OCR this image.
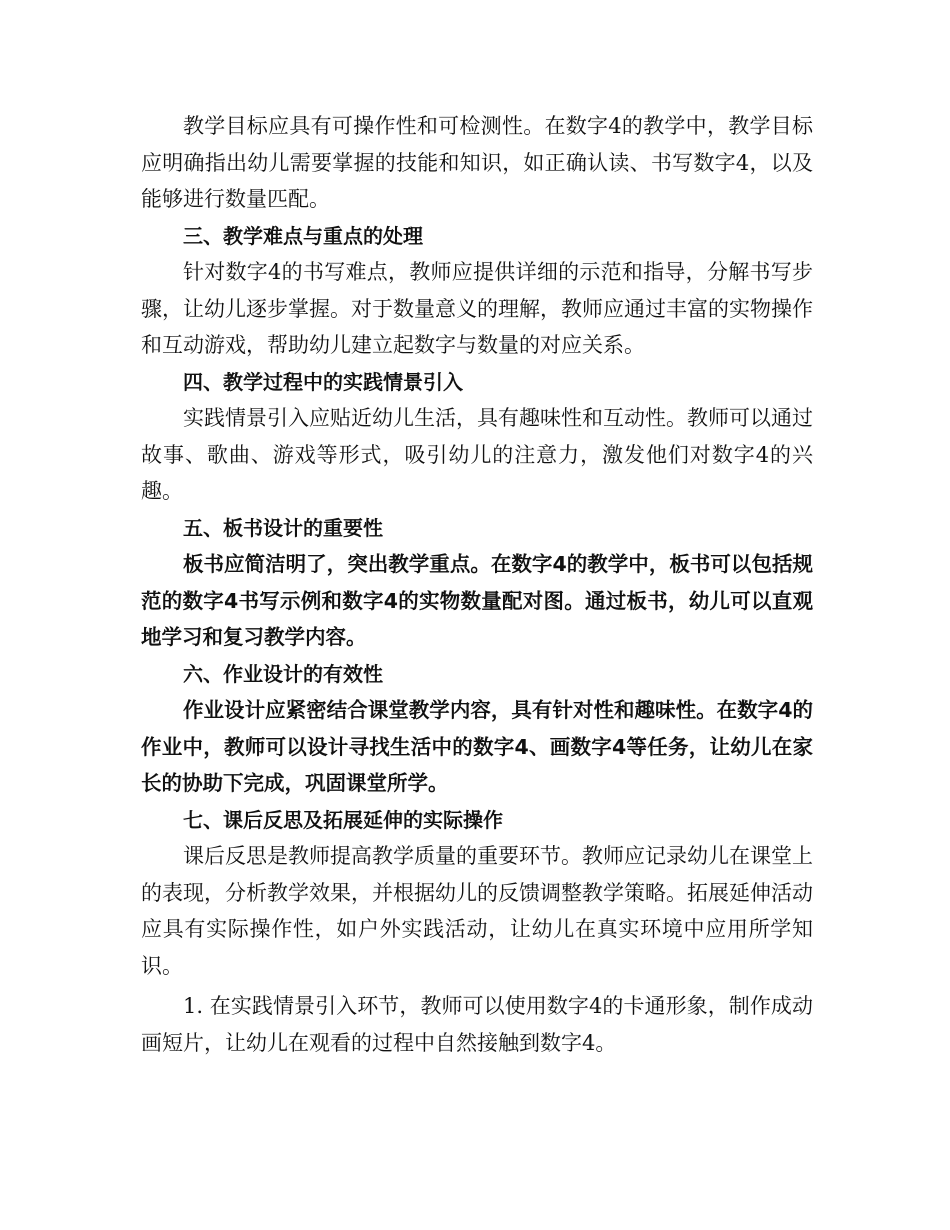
教学目标应具有可操作性和可检测性。在数字4的教学中，教学目标应明确指出幼儿需要掌握的技能和知识，如正确认读、书写数字4，以及能够进行数量匹配。

三、教学难点与重点的处理

针对数字4的书写难点，教师应提供详细的示范和指导，分解书写步骤，让幼儿逐步掌握。对于数量意义的理解，教师应通过丰富的实物操作和互动游戏，帮助幼儿建立起数字与数量的对应关系。

四、教学过程中的实践情景引入

实践情景引入应贴近幼儿生活，具有趣味性和互动性。教师可以通过故事、歌曲、游戏等形式，吸引幼儿的注意力，激发他们对数字4的兴趣。

五、板书设计的重要性

板书应简洁明了，突出教学重点。在数字4的教学中，板书可以包括规范的数字4书写示例和数字4的实物数量配对图。通过板书，幼儿可以直观地学习和复习教学内容。

六、作业设计的有效性

作业设计应紧密结合课堂教学内容，具有针对性和趣味性。在数字4的作业中，教师可以设计寻找生活中的数字4、画数字4等任务，让幼儿在家长的协助下完成，巩固课堂所学。

七、课后反思及拓展延伸的实际操作

课后反思是教师提高教学质量的重要环节。教师应记录幼儿在课堂上的表现，分析教学效果，并根据幼儿的反馈调整教学策略。拓展延伸活动应具有实际操作性，如户外实践活动，让幼儿在真实环境中应用所学知识。

1. 在实践情景引入环节，教师可以使用数字4的卡通形象，制作成动画短片，让幼儿在观看的过程中自然接触到数字4。
